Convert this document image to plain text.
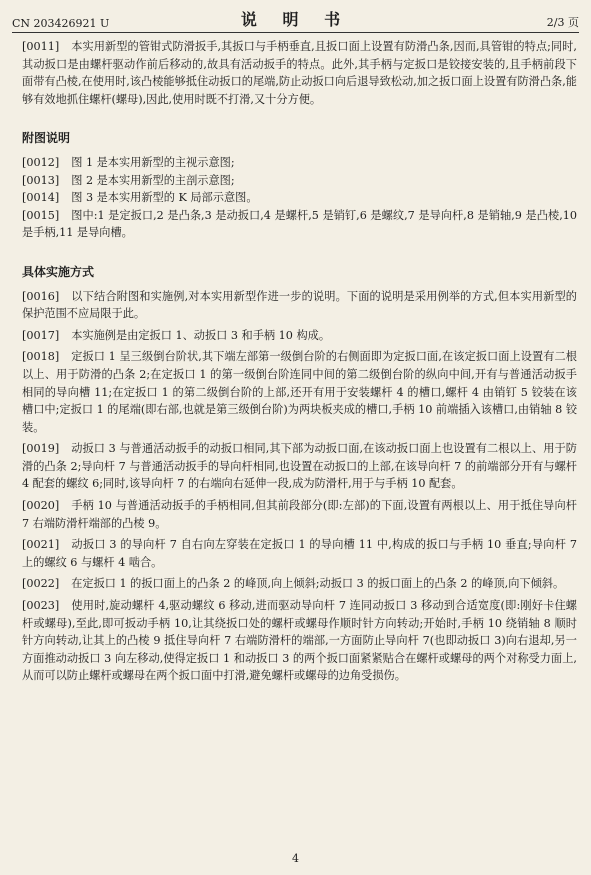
CN 203426921 U	说 明 书	2/3 页

[0011] 本实用新型的管钳式防滑扳手,其扳口与手柄垂直,且扳口面上设置有防滑凸条,因而,具管钳的特点;同时,其动扳口是由螺杆驱动作前后移动的,故具有活动扳手的特点。此外,其手柄与定扳口是铰接安装的,且手柄前段下面带有凸棱,在使用时,该凸棱能够抵住动扳口的尾端,防止动扳口向后退导致松动,加之扳口面上设置有防滑凸条,能够有效地抓住螺杆(螺母),因此,使用时既不打滑,又十分方便。

附图说明

[0012] 图 1 是本实用新型的主视示意图;

[0013] 图 2 是本实用新型的主剖示意图;

[0014] 图 3 是本实用新型的 K 局部示意图。

[0015] 图中:1 是定扳口,2 是凸条,3 是动扳口,4 是螺杆,5 是销钉,6 是螺纹,7 是导向杆,8 是销轴,9 是凸棱,10 是手柄,11 是导向槽。

具体实施方式

[0016] 以下结合附图和实施例,对本实用新型作进一步的说明。下面的说明是采用例举的方式,但本实用新型的保护范围不应局限于此。

[0017] 本实施例是由定扳口 1、动扳口 3 和手柄 10 构成。

[0018] 定扳口 1 呈三级倒台阶状,其下端左部第一级倒台阶的右侧面即为定扳口面,在该定扳口面上设置有二根以上、用于防滑的凸条 2;在定扳口 1 的第一级倒台阶连同中间的第二级倒台阶的纵向中间,开有与普通活动扳手相同的导向槽 11;在定扳口 1 的第二级倒台阶的上部,还开有用于安装螺杆 4 的槽口,螺杆 4 由销钉 5 铰装在该槽口中;定扳口 1 的尾端(即右部,也就是第三级倒台阶)为两块板夹成的槽口,手柄 10 前端插入该槽口,由销轴 8 铰装。

[0019] 动扳口 3 与普通活动扳手的动扳口相同,其下部为动扳口面,在该动扳口面上也设置有二根以上、用于防滑的凸条 2;导向杆 7 与普通活动扳手的导向杆相同,也设置在动扳口的上部,在该导向杆 7 的前端部分开有与螺杆 4 配套的螺纹 6;同时,该导向杆 7 的右端向右延伸一段,成为防滑杆,用于与手柄 10 配套。

[0020] 手柄 10 与普通活动扳手的手柄相同,但其前段部分(即:左部)的下面,设置有两根以上、用于抵住导向杆 7 右端防滑杆端部的凸棱 9。

[0021] 动扳口 3 的导向杆 7 自右向左穿装在定扳口 1 的导向槽 11 中,构成的扳口与手柄 10 垂直;导向杆 7 上的螺纹 6 与螺杆 4 啮合。

[0022] 在定扳口 1 的扳口面上的凸条 2 的峰顶,向上倾斜;动扳口 3 的扳口面上的凸条 2 的峰顶,向下倾斜。

[0023] 使用时,旋动螺杆 4,驱动螺纹 6 移动,进而驱动导向杆 7 连同动扳口 3 移动到合适宽度(即:刚好卡住螺杆或螺母),至此,即可扳动手柄 10,让其绕扳口处的螺杆或螺母作顺时针方向转动;开始时,手柄 10 绕销轴 8 顺时针方向转动,让其上的凸棱 9 抵住导向杆 7 右端防滑杆的端部,一方面防止导向杆 7(也即动扳口 3)向右退却,另一方面推动动扳口 3 向左移动,使得定扳口 1 和动扳口 3 的两个扳口面紧紧贴合在螺杆或螺母的两个对称受力面上,从而可以防止螺杆或螺母在两个扳口面中打滑,避免螺杆或螺母的边角受损伤。

4
